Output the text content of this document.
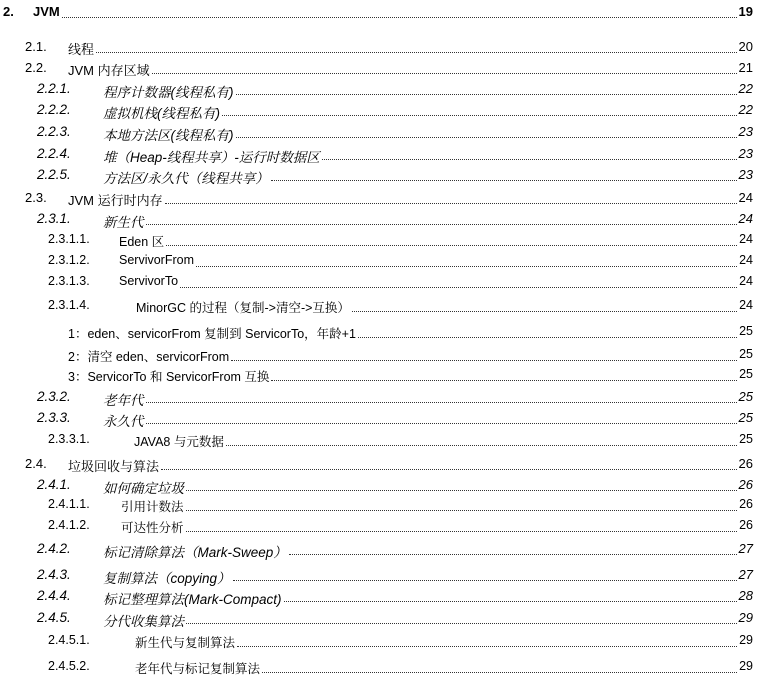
2. JVM	19
2.1. 线程	20
2.2. JVM 内存区域	21
2.2.1. 程序计数器(线程私有)	22
2.2.2. 虚拟机栈(线程私有)	22
2.2.3. 本地方法区(线程私有)	23
2.2.4. 堆（Heap-线程共享）-运行时数据区	23
2.2.5. 方法区/永久代（线程共享）	23
2.3. JVM 运行时内存	24
2.3.1. 新生代	24
2.3.1.1. Eden 区	24
2.3.1.2. ServivorFrom	24
2.3.1.3. ServivorTo	24
2.3.1.4.	MinorGC 的过程（复制->清空->互换）	24
1：eden、servicorFrom 复制到 ServicorTo，年龄+1	25
2：清空 eden、servicorFrom	25
3：ServicorTo 和 ServicorFrom 互换	25
2.3.2. 老年代	25
2.3.3. 永久代	25
2.3.3.1.	JAVA8 与元数据	25
2.4. 垃圾回收与算法	26
2.4.1. 如何确定垃圾	26
2.4.1.1.	引用计数法	26
2.4.1.2.	可达性分析	26
2.4.2. 标记清除算法（Mark-Sweep）	27
2.4.3. 复制算法（copying）	27
2.4.4. 标记整理算法(Mark-Compact)	28
2.4.5. 分代收集算法	29
2.4.5.1.	新生代与复制算法	29
2.4.5.2.	老年代与标记复制算法	29
